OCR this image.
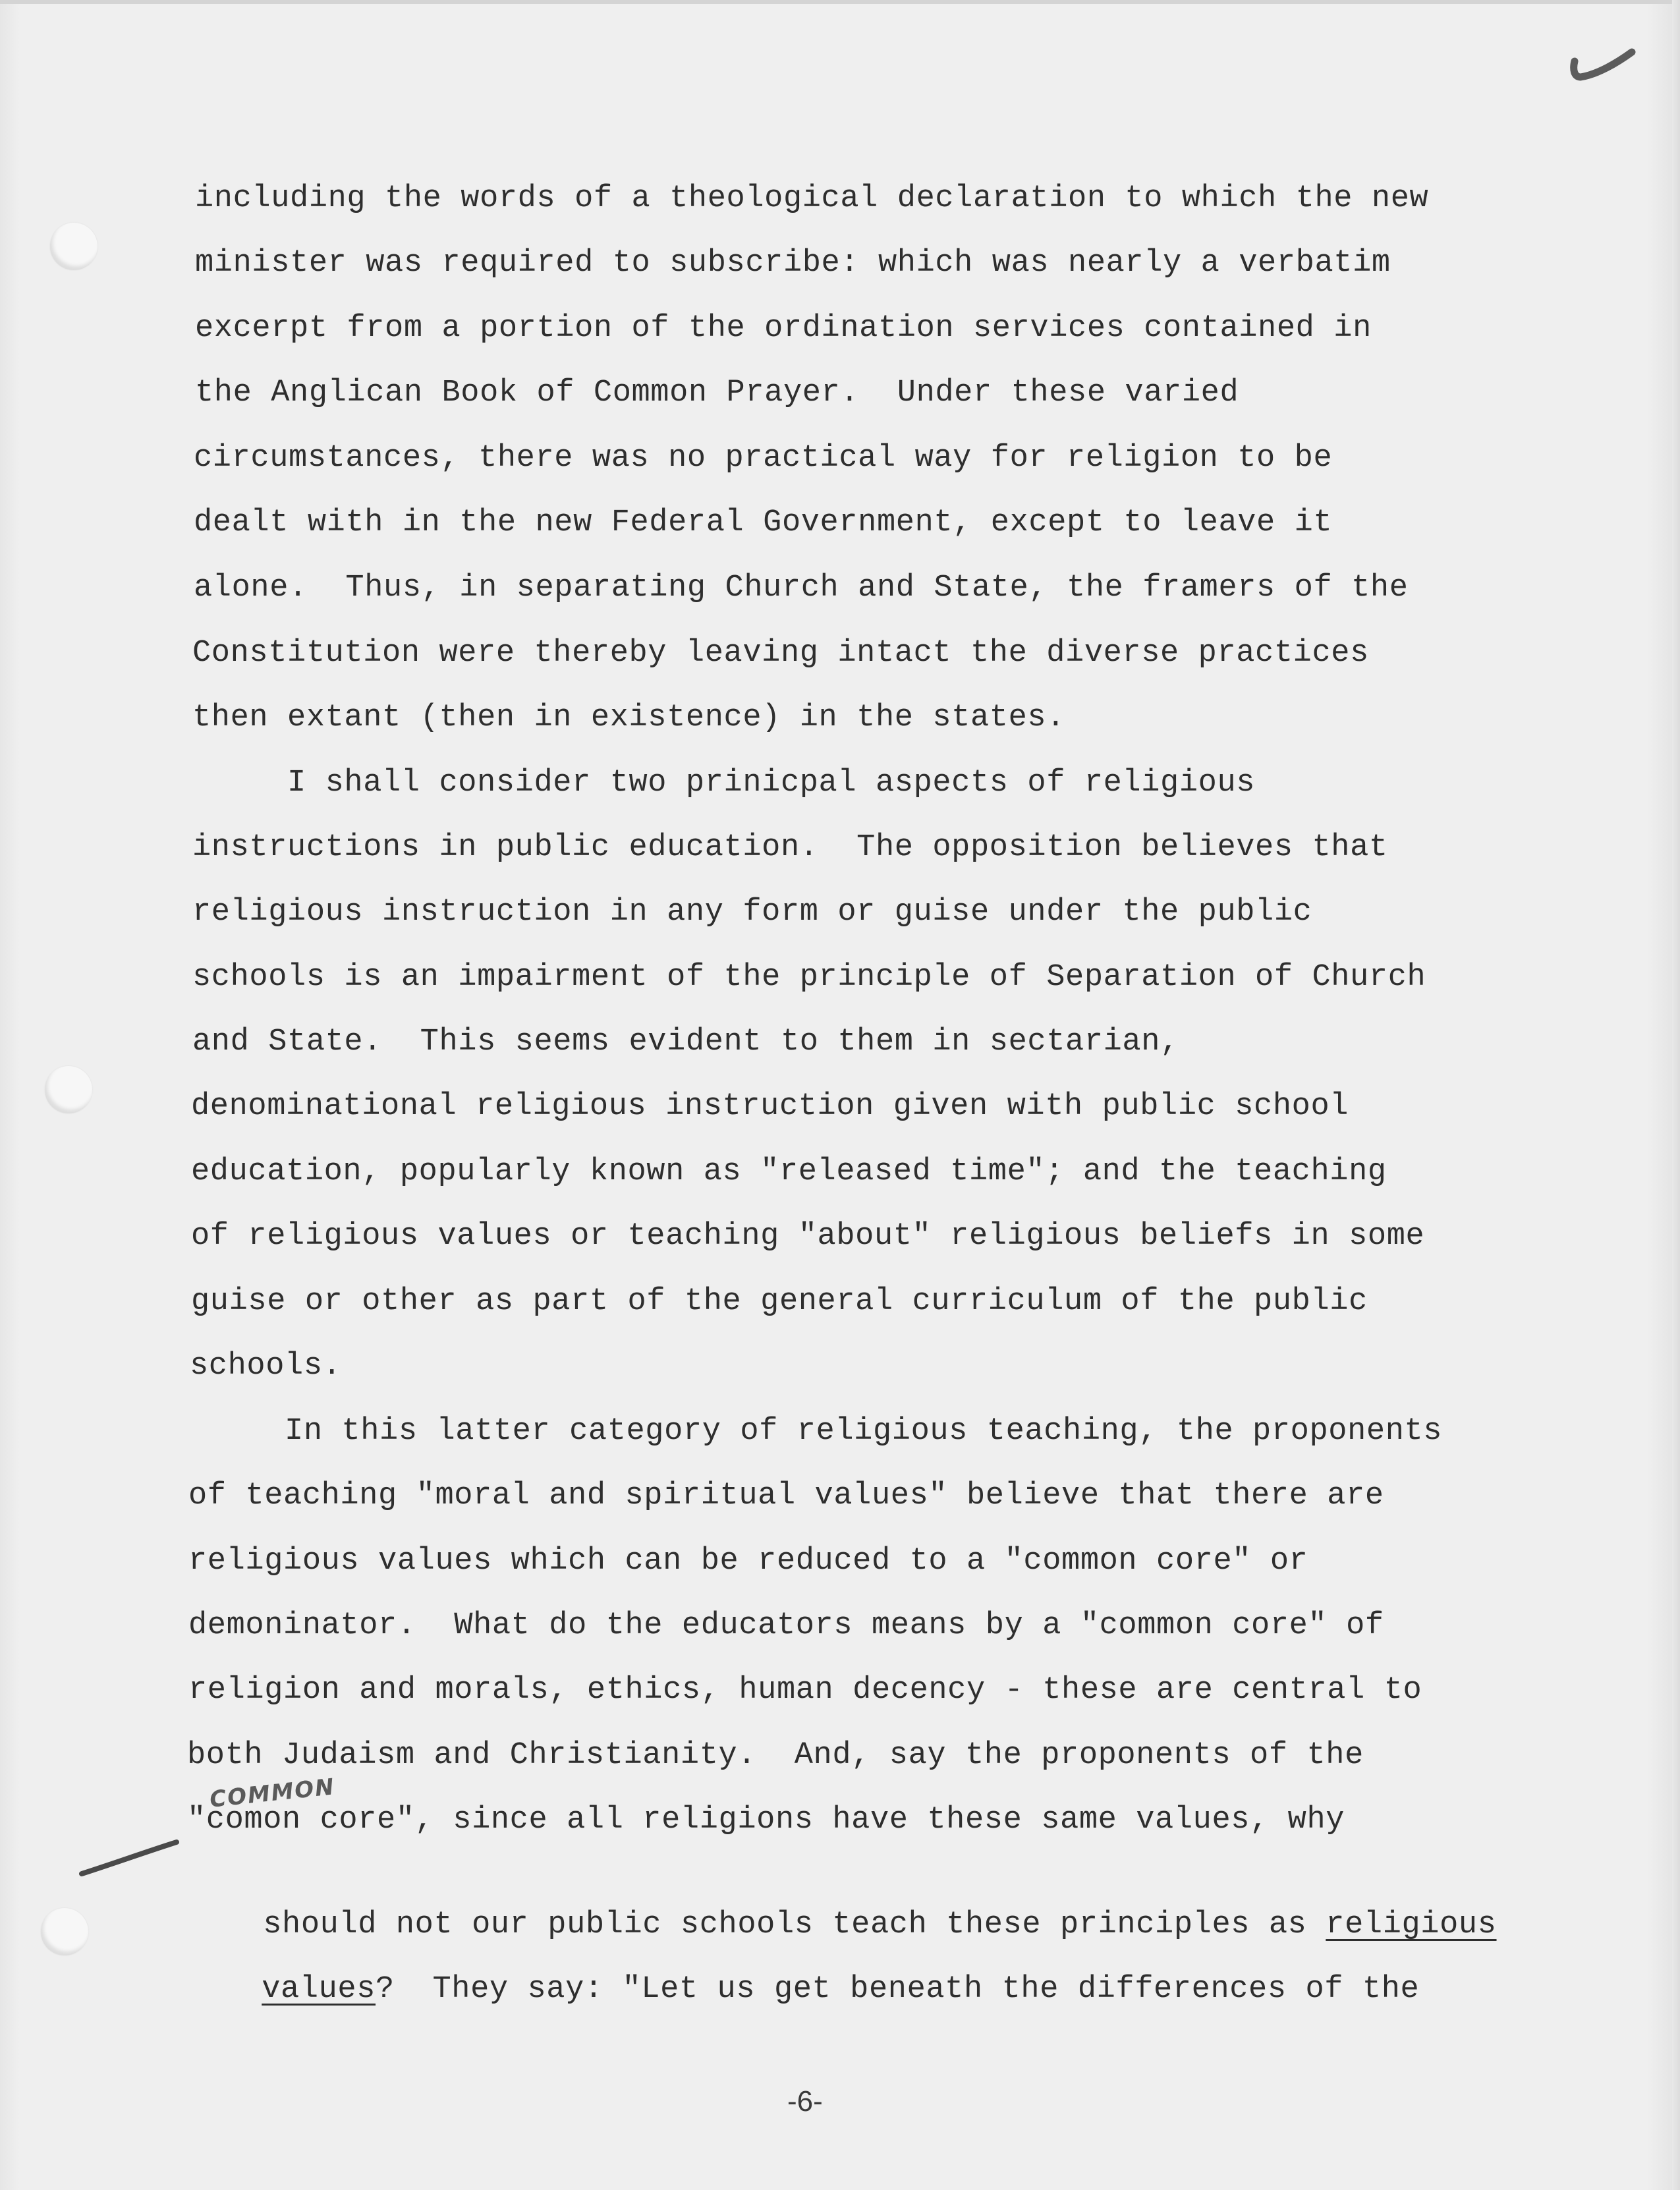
including the words of a theological declaration to which the new
minister was required to subscribe: which was nearly a verbatim
excerpt from a portion of the ordination services contained in
the Anglican Book of Common Prayer.  Under these varied
circumstances, there was no practical way for religion to be
dealt with in the new Federal Government, except to leave it
alone.  Thus, in separating Church and State, the framers of the
Constitution were thereby leaving intact the diverse practices
then extant (then in existence) in the states.
I shall consider two prinicpal aspects of religious
instructions in public education.  The opposition believes that
religious instruction in any form or guise under the public
schools is an impairment of the principle of Separation of Church
and State.  This seems evident to them in sectarian,
denominational religious instruction given with public school
education, popularly known as "released time"; and the teaching
of religious values or teaching "about" religious beliefs in some
guise or other as part of the general curriculum of the public
schools.
In this latter category of religious teaching, the proponents
of teaching "moral and spiritual values" believe that there are
religious values which can be reduced to a "common core" or
demoninator.  What do the educators means by a "common core" of
religion and morals, ethics, human decency - these are central to
both Judaism and Christianity.  And, say the proponents of the
"comon core", since all religions have these same values, why

should not our public schools teach these principles as religious

values?  They say: "Let us get beneath the differences of the

COMMON
-6-
